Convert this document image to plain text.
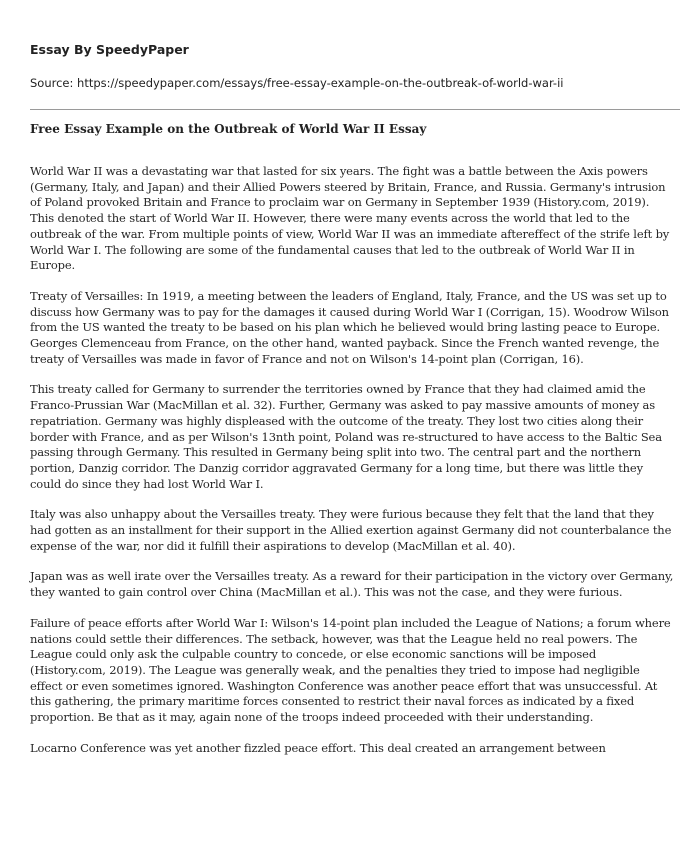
Essay By SpeedyPaper
Source: https://speedypaper.com/essays/free-essay-example-on-the-outbreak-of-world-war-ii
Free Essay Example on the Outbreak of World War II Essay

World War II was a devastating war that lasted for six years. The fight was a battle between the Axis powers (Germany, Italy, and Japan) and their Allied Powers steered by Britain, France, and Russia. Germany's intrusion of Poland provoked Britain and France to proclaim war on Germany in September 1939 (History.com, 2019). This denoted the start of World War II. However, there were many events across the world that led to the outbreak of the war. From multiple points of view, World War II was an immediate aftereffect of the strife left by World War I. The following are some of the fundamental causes that led to the outbreak of World War II in Europe.

Treaty of Versailles: In 1919, a meeting between the leaders of England, Italy, France, and the US was set up to discuss how Germany was to pay for the damages it caused during World War I (Corrigan, 15). Woodrow Wilson from the US wanted the treaty to be based on his plan which he believed would bring lasting peace to Europe. Georges Clemenceau from France, on the other hand, wanted payback. Since the French wanted revenge, the treaty of Versailles was made in favor of France and not on Wilson's 14-point plan (Corrigan, 16).

This treaty called for Germany to surrender the territories owned by France that they had claimed amid the Franco-Prussian War (MacMillan et al. 32). Further, Germany was asked to pay massive amounts of money as repatriation. Germany was highly displeased with the outcome of the treaty. They lost two cities along their border with France, and as per Wilson's 13nth point, Poland was re-structured to have access to the Baltic Sea passing through Germany. This resulted in Germany being split into two. The central part and the northern portion, Danzig corridor. The Danzig corridor aggravated Germany for a long time, but there was little they could do since they had lost World War I.

Italy was also unhappy about the Versailles treaty. They were furious because they felt that the land that they had gotten as an installment for their support in the Allied exertion against Germany did not counterbalance the expense of the war, nor did it fulfill their aspirations to develop (MacMillan et al. 40).

Japan was as well irate over the Versailles treaty. As a reward for their participation in the victory over Germany, they wanted to gain control over China (MacMillan et al.). This was not the case, and they were furious.

Failure of peace efforts after World War I: Wilson's 14-point plan included the League of Nations; a forum where nations could settle their differences. The setback, however, was that the League held no real powers. The League could only ask the culpable country to concede, or else economic sanctions will be imposed (History.com, 2019). The League was generally weak, and the penalties they tried to impose had negligible effect or even sometimes ignored. Washington Conference was another peace effort that was unsuccessful. At this gathering, the primary maritime forces consented to restrict their naval forces as indicated by a fixed proportion. Be that as it may, again none of the troops indeed proceeded with their understanding.

Locarno Conference was yet another fizzled peace effort. This deal created an arrangement between
